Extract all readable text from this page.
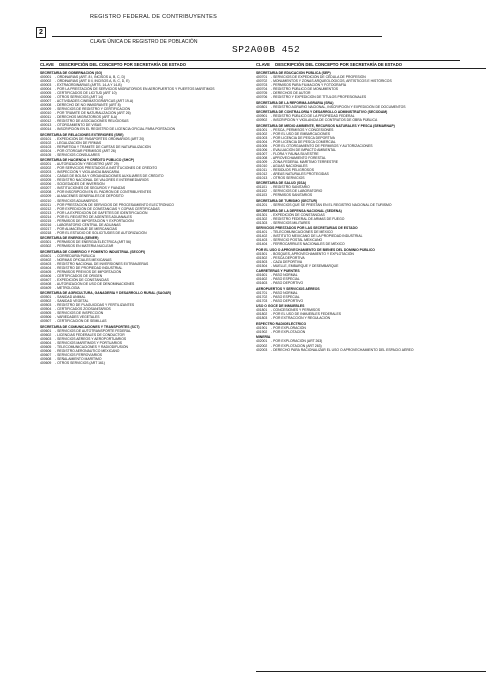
REGISTRO FEDERAL DE CONTRIBUYENTES
2
CLAVE ÚNICA DE REGISTRO DE POBLACIÓN
SP2A00B 452
CLAVE DESCRIPCIÓN DEL CONCEPTO POR SECRETARÍA DE ESTADO
SECRETARÍA DE GOBERNACIÓN (SG)
400001	- ORDINARIAS (ART. 8 I, INCISOS A, B, C, D)
400002	- ORDINARIAS (ART 8 II, INCISOS A, B, C, D, E)
400003	- EXTRAORDINARIAS (ARTS. 14-A Y 14-B)
400004	- POR LA PRESTACIÓN DE SERVICIOS MIGRATORIOS EN AEROPUERTOS Y PUERTOS MARÍTIMOS
400005	- CERTIFICADOS DE LICITUD (ART 10)
400006	- OTROS SERVICIOS (ART 14)
400007	- ACTIVIDADES CINEMATOGRÁFICAS (ART 19-A)
400008	- DERECHO DE NO INMIGRANTE (ART 8)
400009	- SERVICIOS DE REGISTRO Y CERTIFICACIÓN
400010	- POR TRÁMITE DE NATURALIZACIÓN (ART 26)
400011	- DERECHOS MIGRATORIOS (ART 8-A)
400012	- REGISTRO DE ASOCIACIONES RELIGIOSAS
400013	- OTORGAMIENTO DE VISAS
400014	- INSCRIPCIÓN EN EL REGISTRO DE LICENCIA OFICIAL PARA PORTACIÓN
SECRETARÍA DE RELACIONES EXTERIORES (SRE)
400101	- EXPEDICIÓN DE PASAPORTES ORDINARIOS (ART 20)
400102	- LEGALIZACIÓN DE FIRMAS
400103	- REPARTIDA Y TRÁMITE DE CARTAS DE NATURALIZACIÓN
400104	- POR OTORGAR PERMISOS (ART 26)
400105	- SERVICIOS CONSULARES
SECRETARÍA DE HACIENDA Y CRÉDITO PÚBLICO (SHCP)
400201	- AUTORIZACIÓN Y REGISTRO (ART 29)
400202	- POR SERVICIOS PRESTADOS A INSTITUCIONES DE CRÉDITO
400203	- INSPECCIÓN Y VIGILANCIA BANCARIA
400204	- CASAS DE BOLSA Y ORGANIZACIONES AUXILIARES DE CRÉDITO
400205	- REGISTRO NACIONAL DE VALORES E INTERMEDIARIOS
400206	- SOCIEDADES DE INVERSIÓN
400207	- INSTITUCIONES DE SEGUROS Y FIANZAS
400208	- POR INSCRIPCIÓN EN EL PADRÓN DE CONTRIBUYENTES
400209	- ALMACENES GENERALES DE DEPÓSITO
400210	- SERVICIOS ADUANEROS
400211	- POR PRESTACIÓN DE SERVICIOS DE PROCESAMIENTO ELECTRÓNICO
400212	- POR EXPEDICIÓN DE CONSTANCIAS Y COPIAS CERTIFICADAS
400213	- POR LA EXPEDICIÓN DE GAFETES DE IDENTIFICACIÓN
400214	- POR EL REGISTRO DE AGENTES ADUANALES
400215	- PERMISOS DE IMPORTACIÓN Y EXPORTACIÓN
400216	- LABORATORIO CENTRAL DE ADUANAS
400217	- POR ALMACENAJE DE MERCANCÍAS
400218	- POR EL ESTUDIO DE SOLICITUDES DE AUTORIZACIÓN
SECRETARÍA DE ENERGÍA (SENER)
400301	- PERMISOS DE ENERGÍA ELÉCTRICA (ART 56)
400302	- PERMISOS EN MATERIA NUCLEAR
SECRETARÍA DE COMERCIO Y FOMENTO INDUSTRIAL (SECOFI)
400401	- CORREDURÍA PÚBLICA
400402	- NORMAS OFICIALES MEXICANAS
400403	- REGISTRO NACIONAL DE INVERSIONES EXTRANJERAS
400404	- REGISTRO DE PROPIEDAD INDUSTRIAL
400405	- PERMISOS PREVIOS DE IMPORTACIÓN
400406	- CERTIFICADOS DE ORIGEN
400407	- EXPEDICIÓN DE CONSTANCIAS
400408	- AUTORIZACIÓN DE USO DE DENOMINACIONES
400409	- METROLOGÍA
SECRETARÍA DE AGRICULTURA, GANADERÍA Y DESARROLLO RURAL (SAGAR)
400501	- SANIDAD ANIMAL
400502	- SANIDAD VEGETAL
400503	- REGISTRO DE PLAGUICIDAS Y FERTILIZANTES
400504	- CERTIFICADOS ZOOSANITARIOS
400505	- SERVICIOS DE INSPECCIÓN
400506	- VARIEDADES VEGETALES
400507	- CERTIFICACIÓN DE SEMILLAS
SECRETARÍA DE COMUNICACIONES Y TRANSPORTES (SCT)
400601	- SERVICIOS DE AUTOTRANSPORTE FEDERAL
400602	- LICENCIAS FEDERALES DE CONDUCTOR
400603	- SERVICIOS AÉREOS Y AEROPORTUARIOS
400604	- SERVICIOS MARÍTIMOS Y PORTUARIOS
400605	- TELECOMUNICACIONES Y RADIODIFUSIÓN
400606	- REGISTRO AERONÁUTICO MEXICANO
400607	- SERVICIOS FERROVIARIOS
400608	- SEÑALAMIENTO MARÍTIMO
400609	- OTROS SERVICIOS (ART 161)
CLAVE DESCRIPCIÓN DEL CONCEPTO POR SECRETARÍA DE ESTADO
SECRETARÍA DE EDUCACIÓN PÚBLICA (SEP)
400701	- SERVICIOS DE EXPEDICIÓN DE CÉDULA DE PROFESIÓN
400702	- MONUMENTOS Y ZONAS ARQUEOLÓGICOS, ARTÍSTICOS E HISTÓRICOS
400703	- PERMISOS PARA FILMACIÓN Y FOTOGRAFÍA
400704	- REGISTRO PÚBLICO DE MONUMENTOS
400705	- DERECHOS DE AUTOR
400706	- REGISTRO Y EXPEDICIÓN DE TÍTULOS PROFESIONALES
SECRETARÍA DE LA REFORMA AGRARIA (SRA)
400801	- REGISTRO AGRARIO NACIONAL, INSCRIPCIÓN Y EXPEDICIÓN DE DOCUMENTOS
SECRETARÍA DE CONTRALORÍA Y DESARROLLO ADMINISTRATIVO (SECODAM)
400901	- REGISTRO PÚBLICO DE LA PROPIEDAD FEDERAL
400902	- INSCRIPCIÓN Y VIGILANCIA DE CONTRATOS DE OBRA PÚBLICA
SECRETARÍA DE MEDIO AMBIENTE, RECURSOS NATURALES Y PESCA (SEMARNAP)
401001	- PESCA, PERMISOS Y CONCESIONES
401002	- POR EL USO DE EMBARCACIONES
401003	- POR LICENCIA DE PESCA DEPORTIVA
401004	- POR LICENCIA DE PESCA COMERCIAL
401005	- POR EL OTORGAMIENTO DE PERMISOS Y AUTORIZACIONES
401006	- EVALUACIÓN DE IMPACTO AMBIENTAL
401007	- FLORA Y FAUNA SILVESTRE
401008	- APROVECHAMIENTO FORESTAL
401009	- ZONA FEDERAL MARÍTIMO TERRESTRE
401010	- AGUAS NACIONALES
401011	- RESIDUOS PELIGROSOS
401012	- ÁREAS NATURALES PROTEGIDAS
401013	- OTROS SERVICIOS
SECRETARÍA DE SALUD (SSA)
401101	- REGISTRO SANITARIO
401102	- SERVICIOS DE LABORATORIO
401103	- PERMISOS SANITARIOS
SECRETARÍA DE TURISMO (SECTUR)
401201	- SERVICIOS QUE SE PRESTAN EN EL REGISTRO NACIONAL DE TURISMO
SECRETARÍA DE LA DEFENSA NACIONAL (SEDENA)
401301	- EXPEDICIÓN DE CONSTANCIAS
401302	- REGISTRO FEDERAL DE ARMAS DE FUEGO
401303	- SERVICIOS MILITARES
SERVICIOS PRESTADOS POR LAS SECRETARÍAS DE ESTADO
401401	- TELECOMUNICACIONES DE MÉXICO
401402	- INSTITUTO MEXICANO DE LA PROPIEDAD INDUSTRIAL
401403	- SERVICIO POSTAL MEXICANO
401404	- FERROCARRILES NACIONALES DE MÉXICO
POR EL USO O APROVECHAMIENTO DE BIENES DEL DOMINIO PÚBLICO
401501	- BOSQUES, APROVECHAMIENTO Y EXPLOTACIÓN
401502	- PESCA DEPORTIVA
401503	- CAZA DEPORTIVA
401504	- MUELLE, EMBARQUE Y DESEMBARQUE
CARRETERAS Y PUENTES
401601	- PASO NORMAL
401602	- PASO ESPECIAL
401603	- PASO DEPORTIVO
AEROPUERTOS Y SERVICIOS AÉREOS
401701	- PASO NORMAL
401702	- PASO ESPECIAL
401703	- PASO DEPORTIVO
USO O GOCE DE INMUEBLES
401801	- CONCESIONES Y PERMISOS
401802	- POR EL USO DE INMUEBLES FEDERALES
401803	- POR EXTRACCIÓN Y REGULACIÓN
ESPECTRO RADIOELÉCTRICO
401901	- POR EXPLORACIÓN
401902	- POR EXPLOTACIÓN
MINERÍA
402001	- POR EXPLORACIÓN (ART 263)
402002	- POR EXPLOTACIÓN (ART 263)
402003	- DERECHO PARA RACIONALIZAR EL USO O APROVECHAMIENTO DEL ESPACIO AÉREO
